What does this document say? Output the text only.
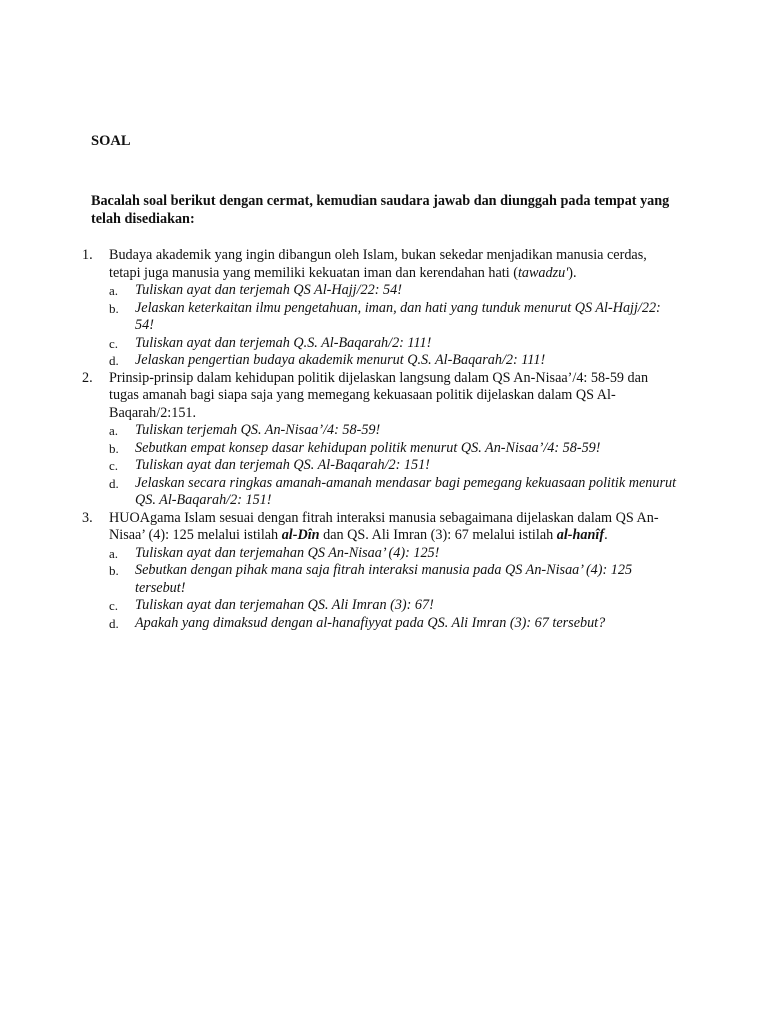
SOAL
Bacalah soal berikut dengan cermat, kemudian saudara jawab dan diunggah pada tempat yang telah disediakan:
1.	Budaya akademik yang ingin dibangun oleh Islam, bukan sekedar menjadikan manusia cerdas, tetapi juga manusia yang memiliki kekuatan iman dan kerendahan hati (tawadzu').
a.	Tuliskan ayat dan terjemah QS Al-Hajj/22: 54!
b.	Jelaskan keterkaitan ilmu pengetahuan, iman, dan hati yang tunduk menurut QS Al-Hajj/22: 54!
c.	Tuliskan ayat dan terjemah Q.S. Al-Baqarah/2: 111!
d.	Jelaskan pengertian budaya akademik menurut Q.S. Al-Baqarah/2: 111!
2.	Prinsip-prinsip dalam kehidupan politik dijelaskan langsung dalam QS An-Nisaa’/4: 58-59 dan tugas amanah bagi siapa saja yang memegang kekuasaan politik dijelaskan dalam QS Al-Baqarah/2:151.
a.	Tuliskan terjemah QS. An-Nisaa’/4: 58-59!
b.	Sebutkan empat konsep dasar kehidupan politik menurut QS. An-Nisaa’/4: 58-59!
c.	Tuliskan ayat dan terjemah QS. Al-Baqarah/2: 151!
d.	Jelaskan secara ringkas amanah-amanah mendasar bagi pemegang kekuasaan politik menurut QS. Al-Baqarah/2: 151!
3.	HUOAgama Islam sesuai dengan fitrah interaksi manusia sebagaimana dijelaskan dalam QS An-Nisaa’ (4): 125 melalui istilah al-Dîn dan QS. Ali Imran (3): 67 melalui istilah al-hanîf.
a.	Tuliskan ayat dan terjemahan QS An-Nisaa’ (4): 125!
b.	Sebutkan dengan pihak mana saja fitrah interaksi manusia pada QS An-Nisaa’ (4): 125 tersebut!
c.	Tuliskan ayat dan terjemahan QS. Ali Imran (3): 67!
d.	Apakah yang dimaksud dengan al-hanafiyyat pada QS. Ali Imran (3): 67 tersebut?
